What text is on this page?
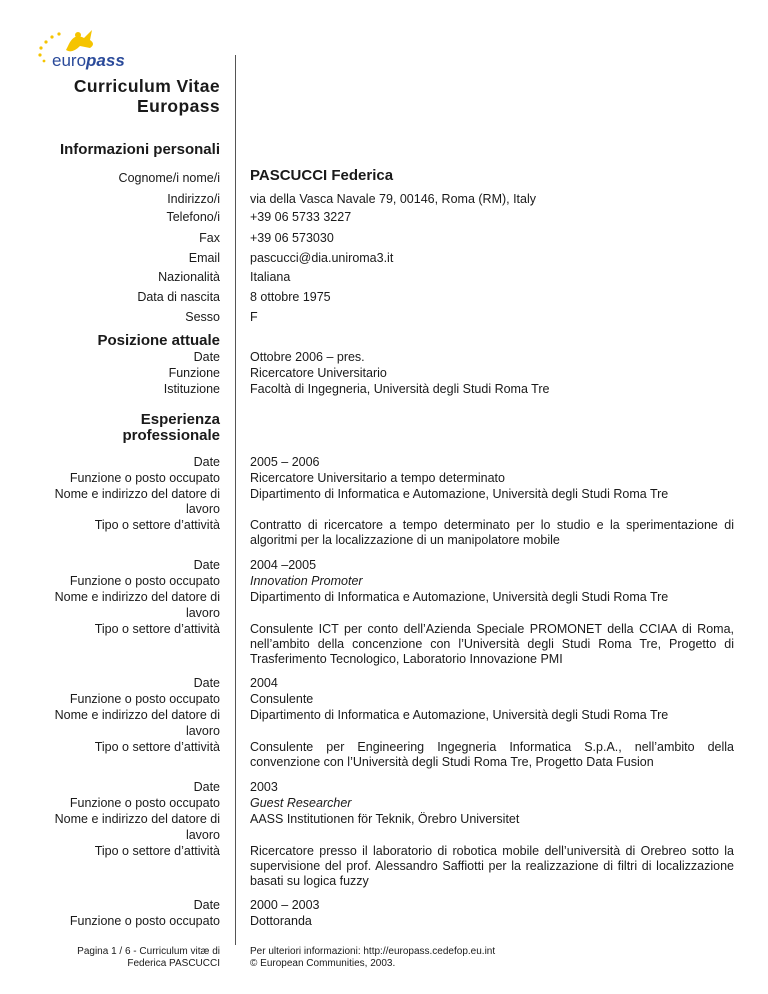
europass
Curriculum Vitae
Europass
Informazioni personali
Cognome/i nome/i PASCUCCI Federica
Indirizzo/i via della Vasca Navale 79, 00146, Roma (RM), Italy
Telefono/i +39 06 5733 3227
Fax +39 06 573030
Email pascucci@dia.uniroma3.it
Nazionalità Italiana
Data di nascita 8 ottobre 1975
Sesso F
Posizione attuale
Date
Funzione
Istituzione
Ottobre 2006 – pres.
Ricercatore Universitario
Facoltà di Ingegneria, Università degli Studi Roma Tre
Esperienza
professionale
Date
Funzione o posto occupato
Nome e indirizzo del datore di
lavoro
Tipo o settore d’attività
2005 – 2006
Ricercatore Universitario a tempo determinato
Dipartimento di Informatica e Automazione, Università degli Studi Roma Tre
Contratto di ricercatore a tempo determinato per lo studio e la sperimentazione di algoritmi per la localizzazione di un manipolatore mobile
Date
Funzione o posto occupato
Nome e indirizzo del datore di
lavoro
Tipo o settore d’attività
2004 –2005
Innovation Promoter
Dipartimento di Informatica e Automazione, Università degli Studi Roma Tre
Consulente ICT per conto dell’Azienda Speciale PROMONET della CCIAA di Roma, nell’ambito della concenzione con l’Università degli Studi Roma Tre, Progetto di Trasferimento Tecnologico, Laboratorio Innovazione PMI
Date
Funzione o posto occupato
Nome e indirizzo del datore di
lavoro
Tipo o settore d’attività
2004
Consulente
Dipartimento di Informatica e Automazione, Università degli Studi Roma Tre
Consulente per Engineering Ingegneria Informatica S.p.A., nell’ambito della convenzione con l’Università degli Studi Roma Tre, Progetto Data Fusion
Date
Funzione o posto occupato
Nome e indirizzo del datore di
lavoro
Tipo o settore d’attività
2003
Guest Researcher
AASS Institutionen för Teknik, Örebro Universitet
Ricercatore presso il laboratorio di robotica mobile dell’università di Orebreo sotto la supervisione del prof. Alessandro Saffiotti per la realizzazione di filtri di localizzazione basati su logica fuzzy
Date
Funzione o posto occupato
2000 – 2003
Dottoranda
Pagina 1 / 6 - Curriculum vitæ di
Federica PASCUCCI
Per ulteriori informazioni: http://europass.cedefop.eu.int
© European Communities, 2003.
